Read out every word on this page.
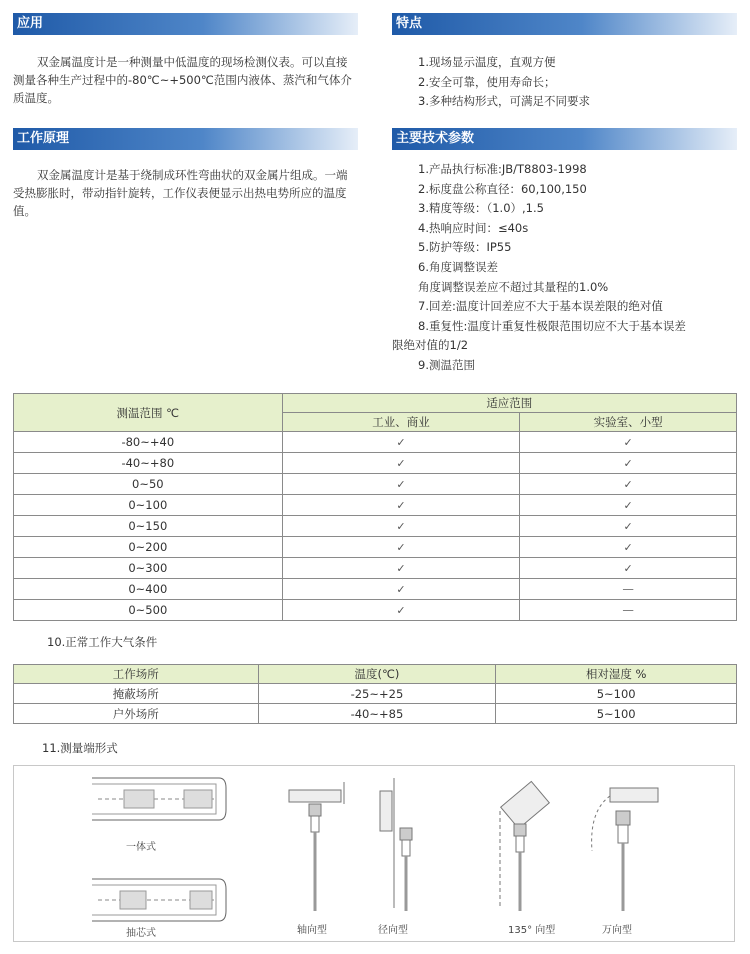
应用
双金属温度计是一种测量中低温度的现场检测仪表。可以直接测量各种生产过程中的-80℃~+500℃范围内液体、蒸汽和气体介质温度。
工作原理
双金属温度计是基于绕制成环性弯曲状的双金属片组成。一端受热膨胀时，带动指针旋转，工作仪表便显示出热电势所应的温度值。
特点
1.现场显示温度，直观方便
2.安全可靠，使用寿命长；
3.多种结构形式，可满足不同要求
主要技术参数
1.产品执行标准:JB/T8803-1998
2.标度盘公称直径：60,100,150
3.精度等级：（1.0）,1.5
4.热响应时间：≤40s
5.防护等级：IP55
6.角度调整误差
角度调整误差应不超过其量程的1.0%
7.回差:温度计回差应不大于基本误差限的绝对值
8.重复性:温度计重复性极限范围切应不大于基本误差
限绝对值的1/2
9.测温范围
测温范围 ℃	适应范围	
	工业、商业	实验室、小型
-80~+40	✓	✓
-40~+80	✓	✓
0~50	✓	✓
0~100	✓	✓
0~150	✓	✓
0~200	✓	✓
0~300	✓	✓
0~400	✓	—
0~500	✓	—
10.正常工作大气条件
工作场所	温度(℃)	相对湿度 %
掩蔽场所	-25~+25	5~100
户外场所	-40~+85	5~100
11.测量端形式
一体式
抽芯式	轴向型	径向型	135° 向型	万向型
